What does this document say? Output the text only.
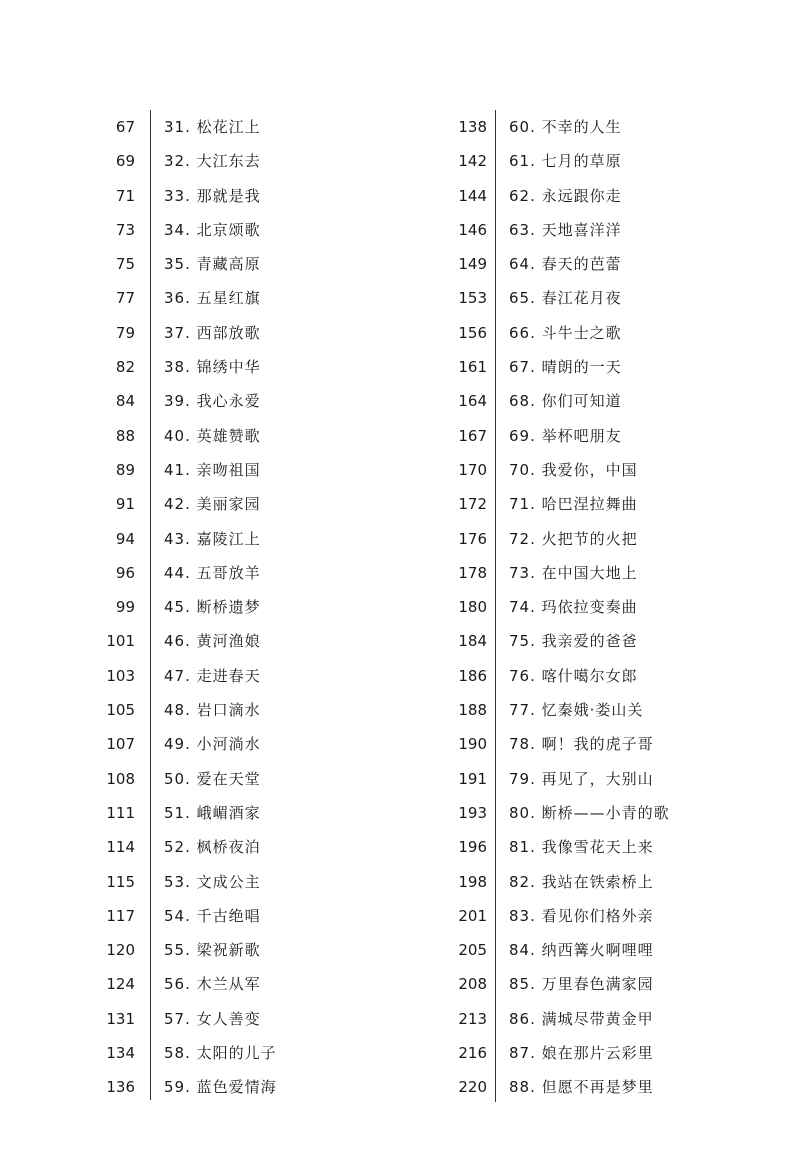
67 31. 松花江上
69 32. 大江东去
71 33. 那就是我
73 34. 北京颂歌
75 35. 青藏高原
77 36. 五星红旗
79 37. 西部放歌
82 38. 锦绣中华
84 39. 我心永爱
88 40. 英雄赞歌
89 41. 亲吻祖国
91 42. 美丽家园
94 43. 嘉陵江上
96 44. 五哥放羊
99 45. 断桥遗梦
101 46. 黄河渔娘
103 47. 走进春天
105 48. 岩口滴水
107 49. 小河淌水
108 50. 爱在天堂
111 51. 峨嵋酒家
114 52. 枫桥夜泊
115 53. 文成公主
117 54. 千古绝唱
120 55. 梁祝新歌
124 56. 木兰从军
131 57. 女人善变
134 58. 太阳的儿子
136 59. 蓝色爱情海
138 60. 不幸的人生
142 61. 七月的草原
144 62. 永远跟你走
146 63. 天地喜洋洋
149 64. 春天的芭蕾
153 65. 春江花月夜
156 66. 斗牛士之歌
161 67. 晴朗的一天
164 68. 你们可知道
167 69. 举杯吧朋友
170 70. 我爱你，中国
172 71. 哈巴涅拉舞曲
176 72. 火把节的火把
178 73. 在中国大地上
180 74. 玛依拉变奏曲
184 75. 我亲爱的爸爸
186 76. 喀什噶尔女郎
188 77. 忆秦娥·娄山关
190 78. 啊！我的虎子哥
191 79. 再见了，大别山
193 80. 断桥——小青的歌
196 81. 我像雪花天上来
198 82. 我站在铁索桥上
201 83. 看见你们格外亲
205 84. 纳西篝火啊哩哩
208 85. 万里春色满家园
213 86. 满城尽带黄金甲
216 87. 娘在那片云彩里
220 88. 但愿不再是梦里
